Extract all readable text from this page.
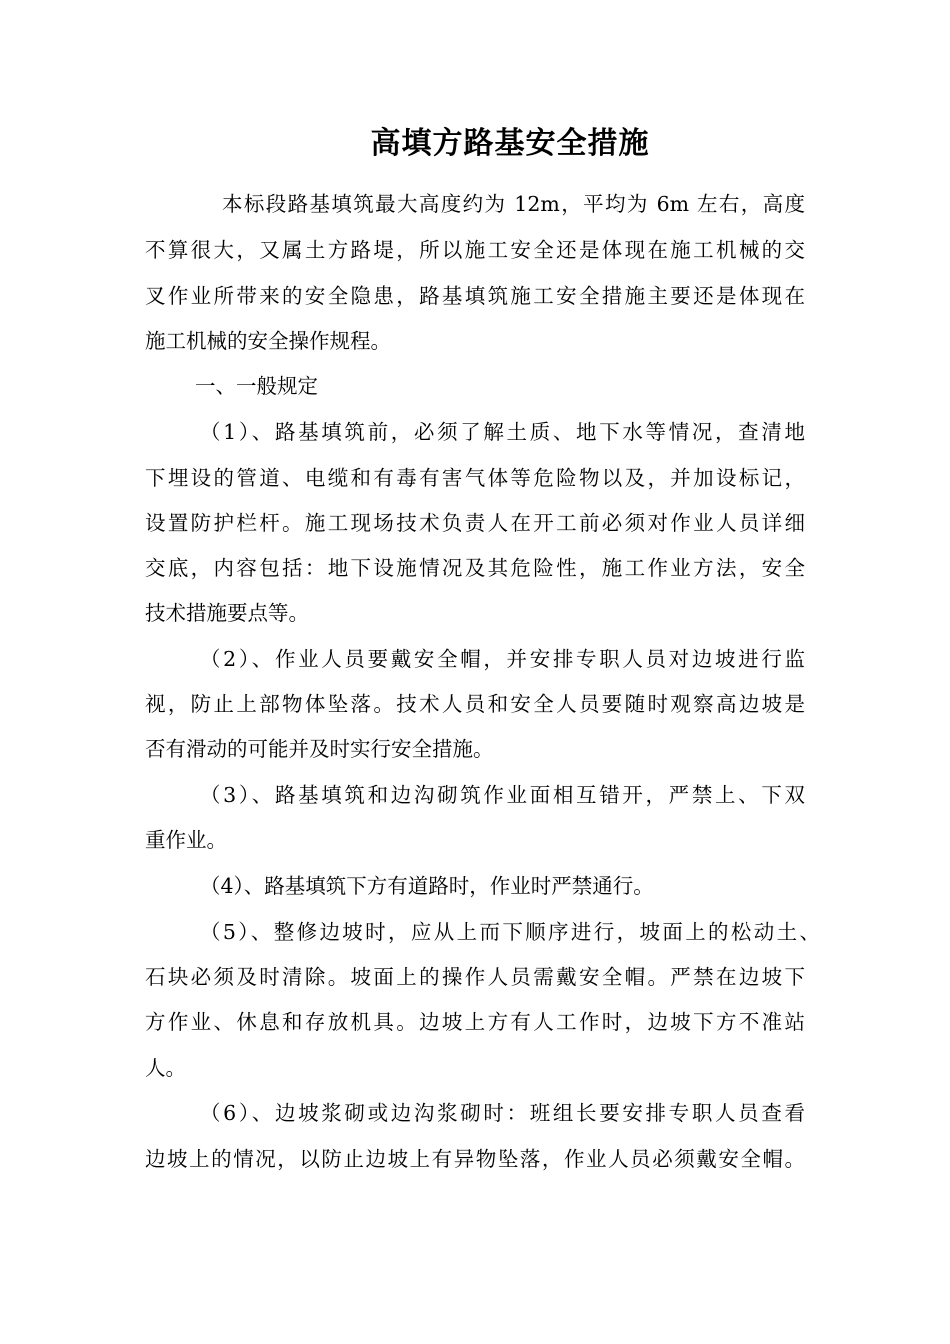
高填方路基安全措施
本标段路基填筑最大高度约为 12m，平均为 6m 左右，高度
不算很大，又属土方路堤，所以施工安全还是体现在施工机械的交
叉作业所带来的安全隐患，路基填筑施工安全措施主要还是体现在
施工机械的安全操作规程。
一、一般规定
（1）、路基填筑前，必须了解土质、地下水等情况，查清地
下埋设的管道、电缆和有毒有害气体等危险物以及，并加设标记，
设置防护栏杆。施工现场技术负责人在开工前必须对作业人员详细
交底，内容包括：地下设施情况及其危险性，施工作业方法，安全
技术措施要点等。
（2）、作业人员要戴安全帽，并安排专职人员对边坡进行监
视，防止上部物体坠落。技术人员和安全人员要随时观察高边坡是
否有滑动的可能并及时实行安全措施。
（3）、路基填筑和边沟砌筑作业面相互错开，严禁上、下双
重作业。
（4）、路基填筑下方有道路时，作业时严禁通行。
（5）、整修边坡时，应从上而下顺序进行，坡面上的松动土、
石块必须及时清除。坡面上的操作人员需戴安全帽。严禁在边坡下
方作业、休息和存放机具。边坡上方有人工作时，边坡下方不准站
人。
（6）、边坡浆砌或边沟浆砌时：班组长要安排专职人员查看
边坡上的情况，以防止边坡上有异物坠落，作业人员必须戴安全帽。
